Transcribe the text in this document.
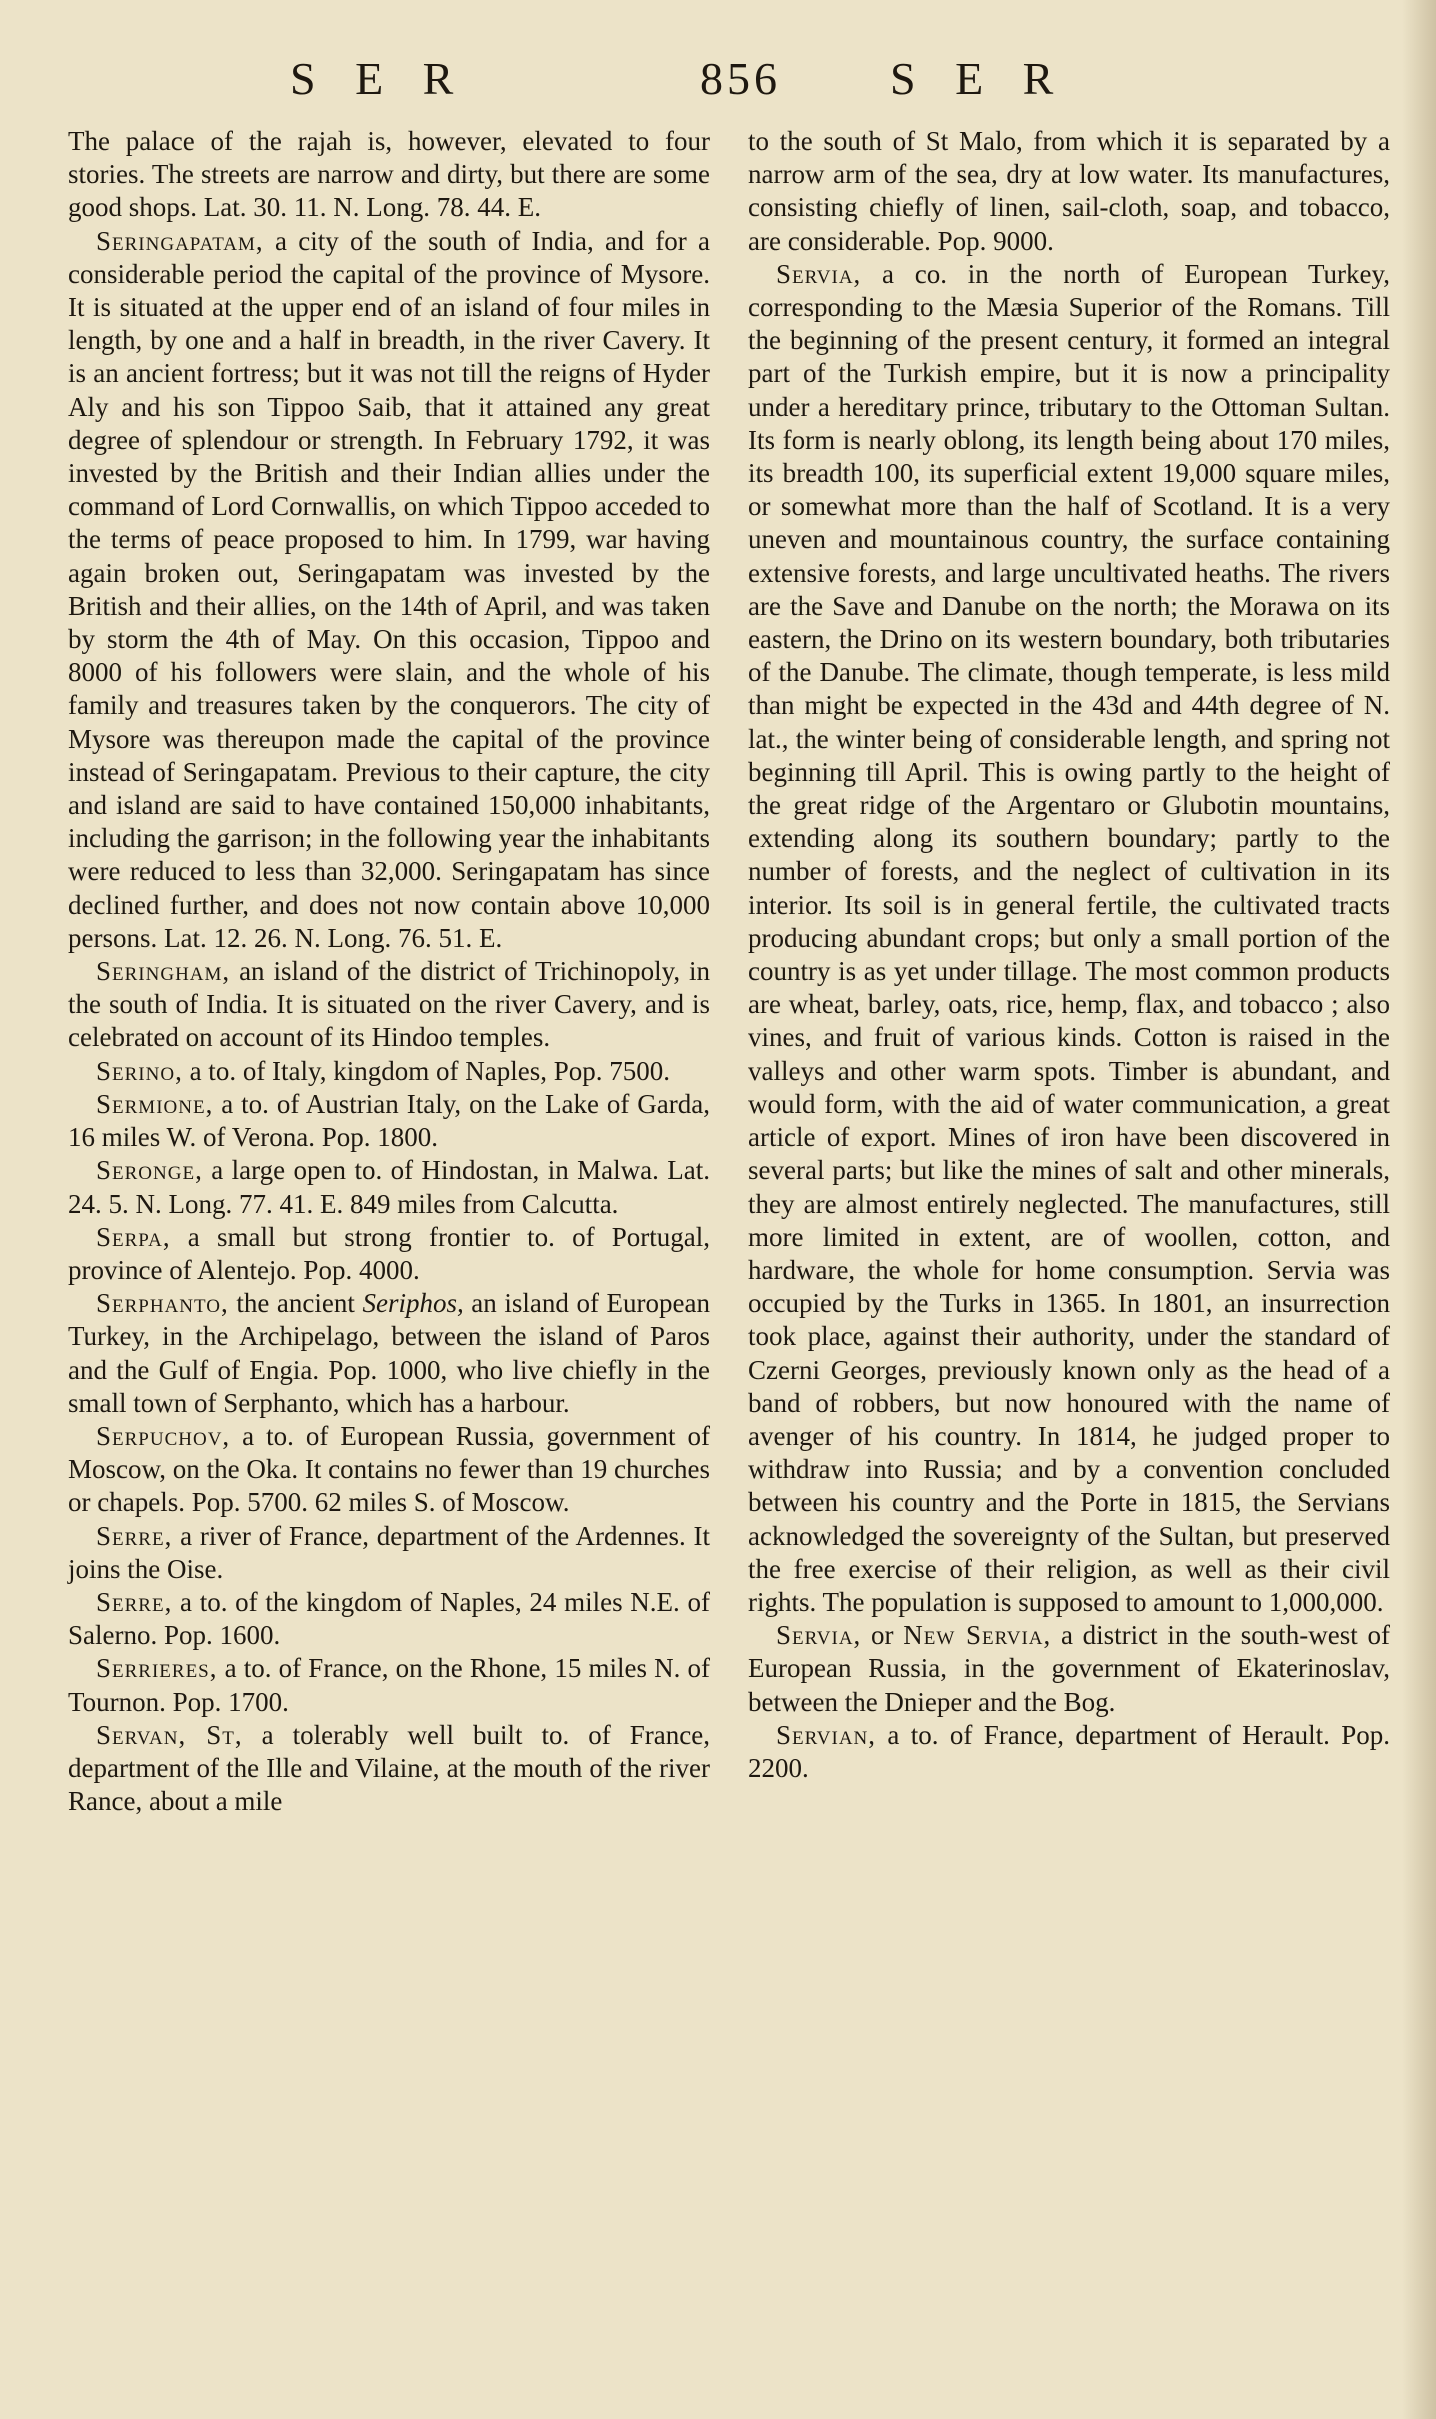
S E R	856 S E R

The palace of the rajah is, however, elevated to four stories. The streets are narrow and dirty, but there are some good shops. Lat. 30. 11. N. Long. 78. 44. E.

Seringapatam, a city of the south of India, and for a considerable period the capital of the province of Mysore. It is situated at the upper end of an island of four miles in length, by one and a half in breadth, in the river Cavery. It is an ancient fortress; but it was not till the reigns of Hyder Aly and his son Tippoo Saib, that it attained any great degree of splendour or strength. In February 1792, it was invested by the British and their Indian allies under the command of Lord Cornwallis, on which Tippoo acceded to the terms of peace proposed to him. In 1799, war having again broken out, Seringapatam was invested by the British and their allies, on the 14th of April, and was taken by storm the 4th of May. On this occasion, Tippoo and 8000 of his followers were slain, and the whole of his family and treasures taken by the conquerors. The city of Mysore was thereupon made the capital of the province instead of Seringapatam. Previous to their capture, the city and island are said to have contained 150,000 inhabitants, including the garrison; in the following year the inhabitants were reduced to less than 32,000. Seringapatam has since declined further, and does not now contain above 10,000 persons. Lat. 12. 26. N. Long. 76. 51. E.

Seringham, an island of the district of Trichinopoly, in the south of India. It is situated on the river Cavery, and is celebrated on account of its Hindoo temples.

Serino, a to. of Italy, kingdom of Naples, Pop. 7500.

Sermione, a to. of Austrian Italy, on the Lake of Garda, 16 miles W. of Verona. Pop. 1800.

Seronge, a large open to. of Hindostan, in Malwa. Lat. 24. 5. N. Long. 77. 41. E. 849 miles from Calcutta.

Serpa, a small but strong frontier to. of Portugal, province of Alentejo. Pop. 4000.

Serphanto, the ancient Seriphos, an island of European Turkey, in the Archipelago, between the island of Paros and the Gulf of Engia. Pop. 1000, who live chiefly in the small town of Serphanto, which has a harbour.

Serpuchov, a to. of European Russia, government of Moscow, on the Oka. It contains no fewer than 19 churches or chapels. Pop. 5700. 62 miles S. of Moscow.

Serre, a river of France, department of the Ardennes. It joins the Oise.

Serre, a to. of the kingdom of Naples, 24 miles N.E. of Salerno. Pop. 1600.

Serrieres, a to. of France, on the Rhone, 15 miles N. of Tournon. Pop. 1700.

Servan, St, a tolerably well built to. of France, department of the Ille and Vilaine, at the mouth of the river Rance, about a mile

to the south of St Malo, from which it is separated by a narrow arm of the sea, dry at low water. Its manufactures, consisting chiefly of linen, sail-cloth, soap, and tobacco, are considerable. Pop. 9000.

Servia, a co. in the north of European Turkey, corresponding to the Mæsia Superior of the Romans. Till the beginning of the present century, it formed an integral part of the Turkish empire, but it is now a principality under a hereditary prince, tributary to the Ottoman Sultan. Its form is nearly oblong, its length being about 170 miles, its breadth 100, its superficial extent 19,000 square miles, or somewhat more than the half of Scotland. It is a very uneven and mountainous country, the surface containing extensive forests, and large uncultivated heaths. The rivers are the Save and Danube on the north; the Morawa on its eastern, the Drino on its western boundary, both tributaries of the Danube. The climate, though temperate, is less mild than might be expected in the 43d and 44th degree of N. lat., the winter being of considerable length, and spring not beginning till April. This is owing partly to the height of the great ridge of the Argentaro or Glubotin mountains, extending along its southern boundary; partly to the number of forests, and the neglect of cultivation in its interior. Its soil is in general fertile, the cultivated tracts producing abundant crops; but only a small portion of the country is as yet under tillage. The most common products are wheat, barley, oats, rice, hemp, flax, and tobacco ; also vines, and fruit of various kinds. Cotton is raised in the valleys and other warm spots. Timber is abundant, and would form, with the aid of water communication, a great article of export. Mines of iron have been discovered in several parts; but like the mines of salt and other minerals, they are almost entirely neglected. The manufactures, still more limited in extent, are of woollen, cotton, and hardware, the whole for home consumption. Servia was occupied by the Turks in 1365. In 1801, an insurrection took place, against their authority, under the standard of Czerni Georges, previously known only as the head of a band of robbers, but now honoured with the name of avenger of his country. In 1814, he judged proper to withdraw into Russia; and by a convention concluded between his country and the Porte in 1815, the Servians acknowledged the sovereignty of the Sultan, but preserved the free exercise of their religion, as well as their civil rights. The population is supposed to amount to 1,000,000.

Servia, or New Servia, a district in the south-west of European Russia, in the government of Ekaterinoslav, between the Dnieper and the Bog.

Servian, a to. of France, department of Herault. Pop. 2200.
